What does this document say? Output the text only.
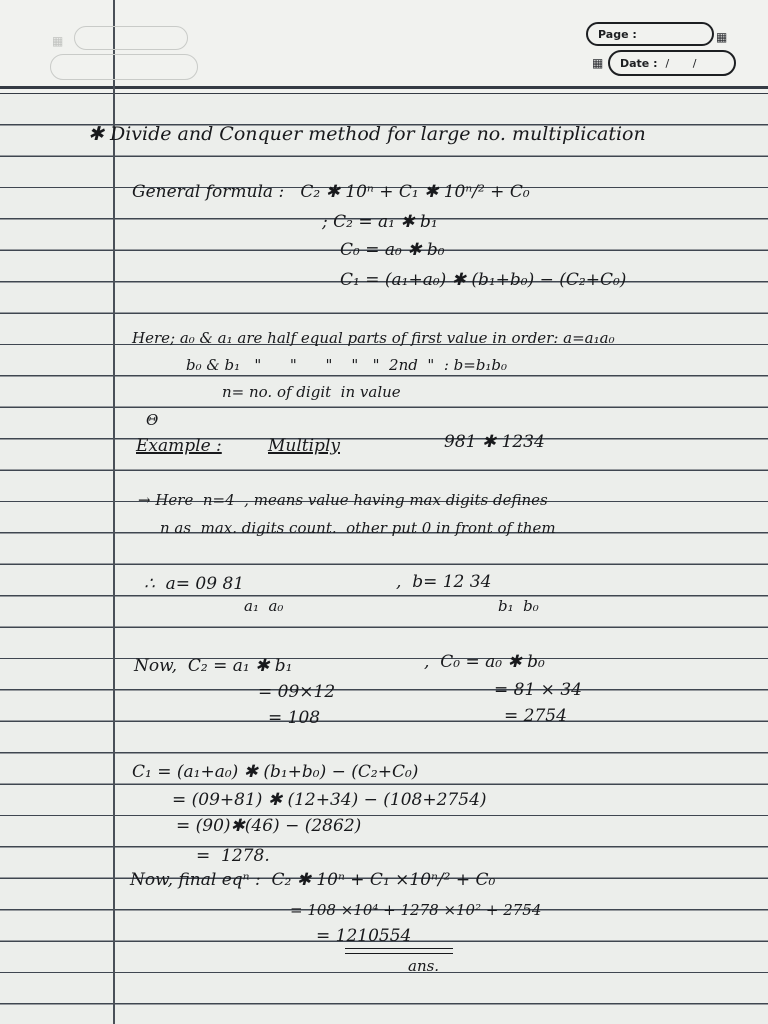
▦	▦
Page :
▦ Date : / /
✱ Divide and Conquer method for large no. multiplication
General formula :   C₂ ✱ 10ⁿ + C₁ ✱ 10ⁿ/² + C₀
; C₂ = a₁ ✱ b₁
C₀ = a₀ ✱ b₀
C₁ = (a₁+a₀) ✱ (b₁+b₀) − (C₂+C₀)
Here; a₀ & a₁ are half equal parts of first value in order: a=a₁a₀
b₀ & b₁   "      "      "    "   "  2nd  "  : b=b₁b₀
n= no. of digit  in value
Θ
Example :	Multiply	981 ✱ 1234
→ Here  n=4  , means value having max digits defines
n as  max. digits count.  other put 0 in front of them
∴  a= 09 81
a₁  a₀
,  b= 12 34
b₁  b₀
Now,  C₂ = a₁ ✱ b₁
= 09×12
= 108
,  C₀ = a₀ ✱ b₀
= 81 × 34
= 2754
C₁ = (a₁+a₀) ✱ (b₁+b₀) − (C₂+C₀)
= (09+81) ✱ (12+34) − (108+2754)
= (90)✱(46) − (2862)
=  1278.
Now, final eqⁿ :  C₂ ✱ 10ⁿ + C₁ ×10ⁿ/² + C₀
= 108 ×10⁴ + 1278 ×10² + 2754
= 1210554
ans.
